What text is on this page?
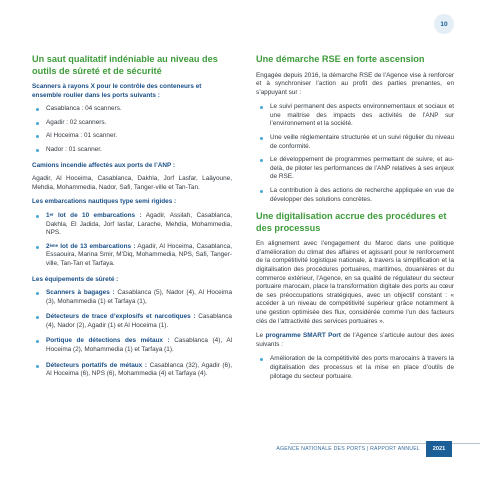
10
Un saut qualitatif indéniable au niveau des outils de sûreté et de sécurité
Scanners à rayons X pour le contrôle des conteneurs et ensemble roulier dans les ports suivants :
Casablanca : 04 scanners.
Agadir : 02 scanners.
Al Hoceima : 01 scanner.
Nador : 01 scanner.
Camions incendie affectés aux ports de l’ANP :

Agadir, Al Hoceima, Casablanca, Dakhla, Jorf Lasfar, Laâyoune, Mehdia, Mohammedia, Nador, Safi, Tanger-ville et Tan-Tan.

Les embarcations nautiques type semi rigides :
1er lot de 10 embarcations : Agadir, Assilah, Casablanca, Dakhla, El Jadida, Jorf lasfar, Larache, Mehdia, Mohammedia, NPS.
2ème lot de 13 embarcations : Agadir, Al Hoceima, Casablanca, Essaouira, Marina Smir, M’Diq, Mohammedia, NPS, Safi, Tanger-ville, Tan-Tan et Tarfaya.
Les équipements de sûreté :
Scanners à bagages : Casablanca (5), Nador (4), Al Hoceima (3), Mohammedia (1) et Tarfaya (1),
Détecteurs de trace d’explosifs et narcotiques : Casablanca (4), Nador (2), Agadir (1) et Al Hoceima (1).
Portique de détections des métaux : Casablanca (4), Al Hoceima (2), Mohammedia (1) et Tarfaya (1).
Détecteurs portatifs de métaux : Casablanca (32), Agadir (6), Al Hoceima (6), NPS (6), Mohammedia (4) et Tarfaya (4).
Une démarche RSE en forte ascension

Engagée depuis 2016, la démarche RSE de l’Agence vise à renforcer et à synchroniser l’action au profit des parties prenantes, en s’appuyant sur :

Le suivi permanent des aspects environnementaux et sociaux et une maitrise des impacts des activités de l’ANP sur l’environnement et la société.
Une veille réglementaire structurée et un suivi régulier du niveau de conformité.
Le développement de programmes permettant de suivre, et au-delà, de piloter les performances de l’ANP relatives à ses enjeux de RSE.
La contribution à des actions de recherche appliquée en vue de développer des solutions concrètes.
Une digitalisation accrue des procédures et des processus

En alignement avec l’engagement du Maroc dans une politique d’amélioration du climat des affaires et agissant pour le renforcement de la compétitivité logistique nationale, à travers la simplification et la digitalisation des procédures portuaires, maritimes, douanières et du commerce extérieur, l’Agence, en sa qualité de régulateur du secteur portuaire marocain, place la transformation digitale des ports au cœur de ses préoccupations stratégiques, avec un objectif constant : « accéder à un niveau de compétitivité supérieur grâce notamment à une gestion optimisée des flux, considérée comme l’un des facteurs clés de l’attractivité des services portuaires ».

Le programme SMART Port de l’Agence s’articule autour des axes suivants :

Amélioration de la compétitivité des ports marocains à travers la digitalisation des processus et la mise en place d’outils de pilotage du secteur portuaire.
AGENCE NATIONALE DES PORTS | RAPPORT ANNUEL	2021
